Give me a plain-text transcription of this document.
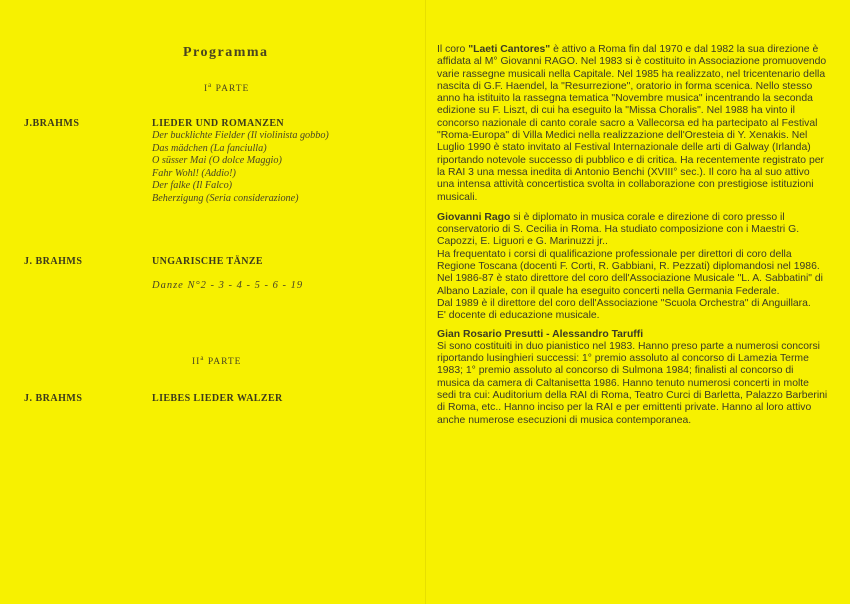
Programma
$I^a$ PARTE
J.BRAHMS	LIEDER UND ROMANZEN
Der bucklichte Fielder (Il violinista gobbo)
Das mädchen (La fanciulla)
O süsser Mai (O dolce Maggio)
Fahr Wohl! (Addio!)
Der falke (Il Falco)
Beherzigung (Seria considerazione)
J. BRAHMS	UNGARISCHE TÄNZE
Danze N°2 - 3 - 4 - 5 - 6 - 19
$II^a$ PARTE
J. BRAHMS	LIEBES LIEDER WALZER

Il coro "Laeti Cantores" è attivo a Roma fin dal 1970 e dal 1982 la sua direzione è affidata al M° Giovanni RAGO. Nel 1983 si è costituito in Associazione promuovendo varie rassegne musicali nella Capitale. Nel 1985 ha realizzato, nel tricentenario della nascita di G.F. Haendel, la "Resurrezione", oratorio in forma scenica. Nello stesso anno ha istituito la rassegna tematica "Novembre musica" incentrando la seconda edizione su F. Liszt, di cui ha eseguito la "Missa Choralis". Nel 1988 ha vinto il concorso nazionale di canto corale sacro a Vallecorsa ed ha partecipato al Festival "Roma-Europa" di Villa Medici nella realizzazione dell'Oresteia di Y. Xenakis. Nel Luglio 1990 è stato invitato al Festival Internazionale delle arti di Galway (Irlanda) riportando notevole successo di pubblico e di critica. Ha recentemente registrato per la RAI 3 una messa inedita di Antonio Benchi (XVIII° sec.). Il coro ha al suo attivo una intensa attività concertistica svolta in collaborazione con prestigiose istituzioni musicali.

Giovanni Rago si è diplomato in musica corale e direzione di coro presso il conservatorio di S. Cecilia in Roma. Ha studiato composizione con i Maestri G. Capozzi, E. Liguori e G. Marinuzzi jr..

Ha frequentato i corsi di qualificazione professionale per direttori di coro della Regione Toscana (docenti F. Corti, R. Gabbiani, R. Pezzati) diplomandosi nel 1986.

Nel 1986-87 è stato direttore del coro dell'Associazione Musicale "L. A. Sabbatini" di Albano Laziale, con il quale ha eseguito concerti nella Germania Federale.

Dal 1989 è il direttore del coro dell'Associazione "Scuola Orchestra" di Anguillara.

E' docente di educazione musicale.

Gian Rosario Presutti - Alessandro Taruffi

Si sono costituiti in duo pianistico nel 1983. Hanno preso parte a numerosi concorsi riportando lusinghieri successi: 1° premio assoluto al concorso di Lamezia Terme 1983; 1° premio assoluto al concorso di Sulmona 1984; finalisti al concorso di musica da camera di Caltanisetta 1986. Hanno tenuto numerosi concerti in molte sedi tra cui: Auditorium della RAI di Roma, Teatro Curci di Barletta, Palazzo Barberini di Roma, etc.. Hanno inciso per la RAI e per emittenti private. Hanno al loro attivo anche numerose esecuzioni di musica contemporanea.
